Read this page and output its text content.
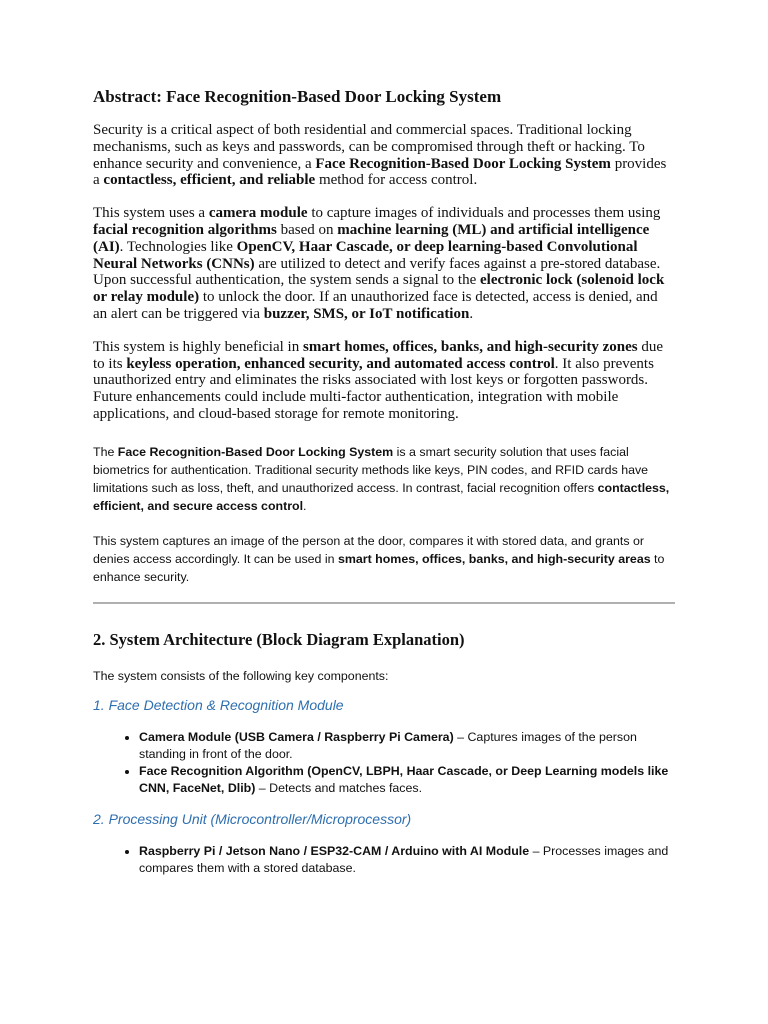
Abstract: Face Recognition-Based Door Locking System

Security is a critical aspect of both residential and commercial spaces. Traditional locking mechanisms, such as keys and passwords, can be compromised through theft or hacking. To enhance security and convenience, a Face Recognition-Based Door Locking System provides a contactless, efficient, and reliable method for access control.

This system uses a camera module to capture images of individuals and processes them using facial recognition algorithms based on machine learning (ML) and artificial intelligence (AI). Technologies like OpenCV, Haar Cascade, or deep learning-based Convolutional Neural Networks (CNNs) are utilized to detect and verify faces against a pre-stored database. Upon successful authentication, the system sends a signal to the electronic lock (solenoid lock or relay module) to unlock the door. If an unauthorized face is detected, access is denied, and an alert can be triggered via buzzer, SMS, or IoT notification.

This system is highly beneficial in smart homes, offices, banks, and high-security zones due to its keyless operation, enhanced security, and automated access control. It also prevents unauthorized entry and eliminates the risks associated with lost keys or forgotten passwords. Future enhancements could include multi-factor authentication, integration with mobile applications, and cloud-based storage for remote monitoring.

The Face Recognition-Based Door Locking System is a smart security solution that uses facial biometrics for authentication. Traditional security methods like keys, PIN codes, and RFID cards have limitations such as loss, theft, and unauthorized access. In contrast, facial recognition offers contactless, efficient, and secure access control.

This system captures an image of the person at the door, compares it with stored data, and grants or denies access accordingly. It can be used in smart homes, offices, banks, and high-security areas to enhance security.

2. System Architecture (Block Diagram Explanation)

The system consists of the following key components:

1. Face Detection & Recognition Module
• Camera Module (USB Camera / Raspberry Pi Camera) – Captures images of the person standing in front of the door.
• Face Recognition Algorithm (OpenCV, LBPH, Haar Cascade, or Deep Learning models like CNN, FaceNet, Dlib) – Detects and matches faces.
2. Processing Unit (Microcontroller/Microprocessor)
• Raspberry Pi / Jetson Nano / ESP32-CAM / Arduino with AI Module – Processes images and compares them with a stored database.
